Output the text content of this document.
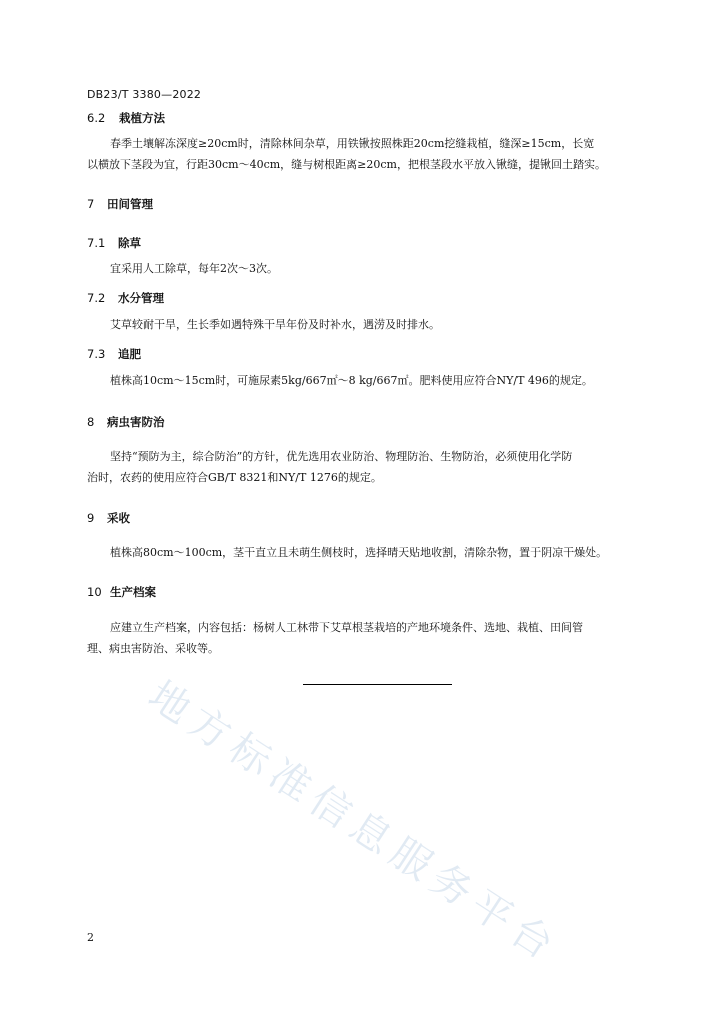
DB23/T 3380—2022
6.2 栽植方法
春季土壤解冻深度≥20cm时，清除林间杂草，用铁锹按照株距20cm挖缝栽植，缝深≥15cm，长宽
以横放下茎段为宜，行距30cm～40cm，缝与树根距离≥20cm，把根茎段水平放入锹缝，提锹回土踏实。
7 田间管理
7.1 除草
宜采用人工除草，每年2次～3次。
7.2 水分管理
艾草较耐干旱，生长季如遇特殊干旱年份及时补水，遇涝及时排水。
7.3 追肥
植株高10cm～15cm时，可施尿素5kg/667㎡～8 kg/667㎡。肥料使用应符合NY/T 496的规定。
8 病虫害防治
坚持“预防为主，综合防治”的方针，优先选用农业防治、物理防治、生物防治，必须使用化学防
治时，农药的使用应符合GB/T 8321和NY/T 1276的规定。
9 采收
植株高80cm～100cm，茎干直立且未萌生侧枝时，选择晴天贴地收割，清除杂物，置于阴凉干燥处。
10 生产档案
应建立生产档案，内容包括：杨树人工林带下艾草根茎栽培的产地环境条件、选地、栽植、田间管
理、病虫害防治、采收等。
地方标准信息服务平台
2
